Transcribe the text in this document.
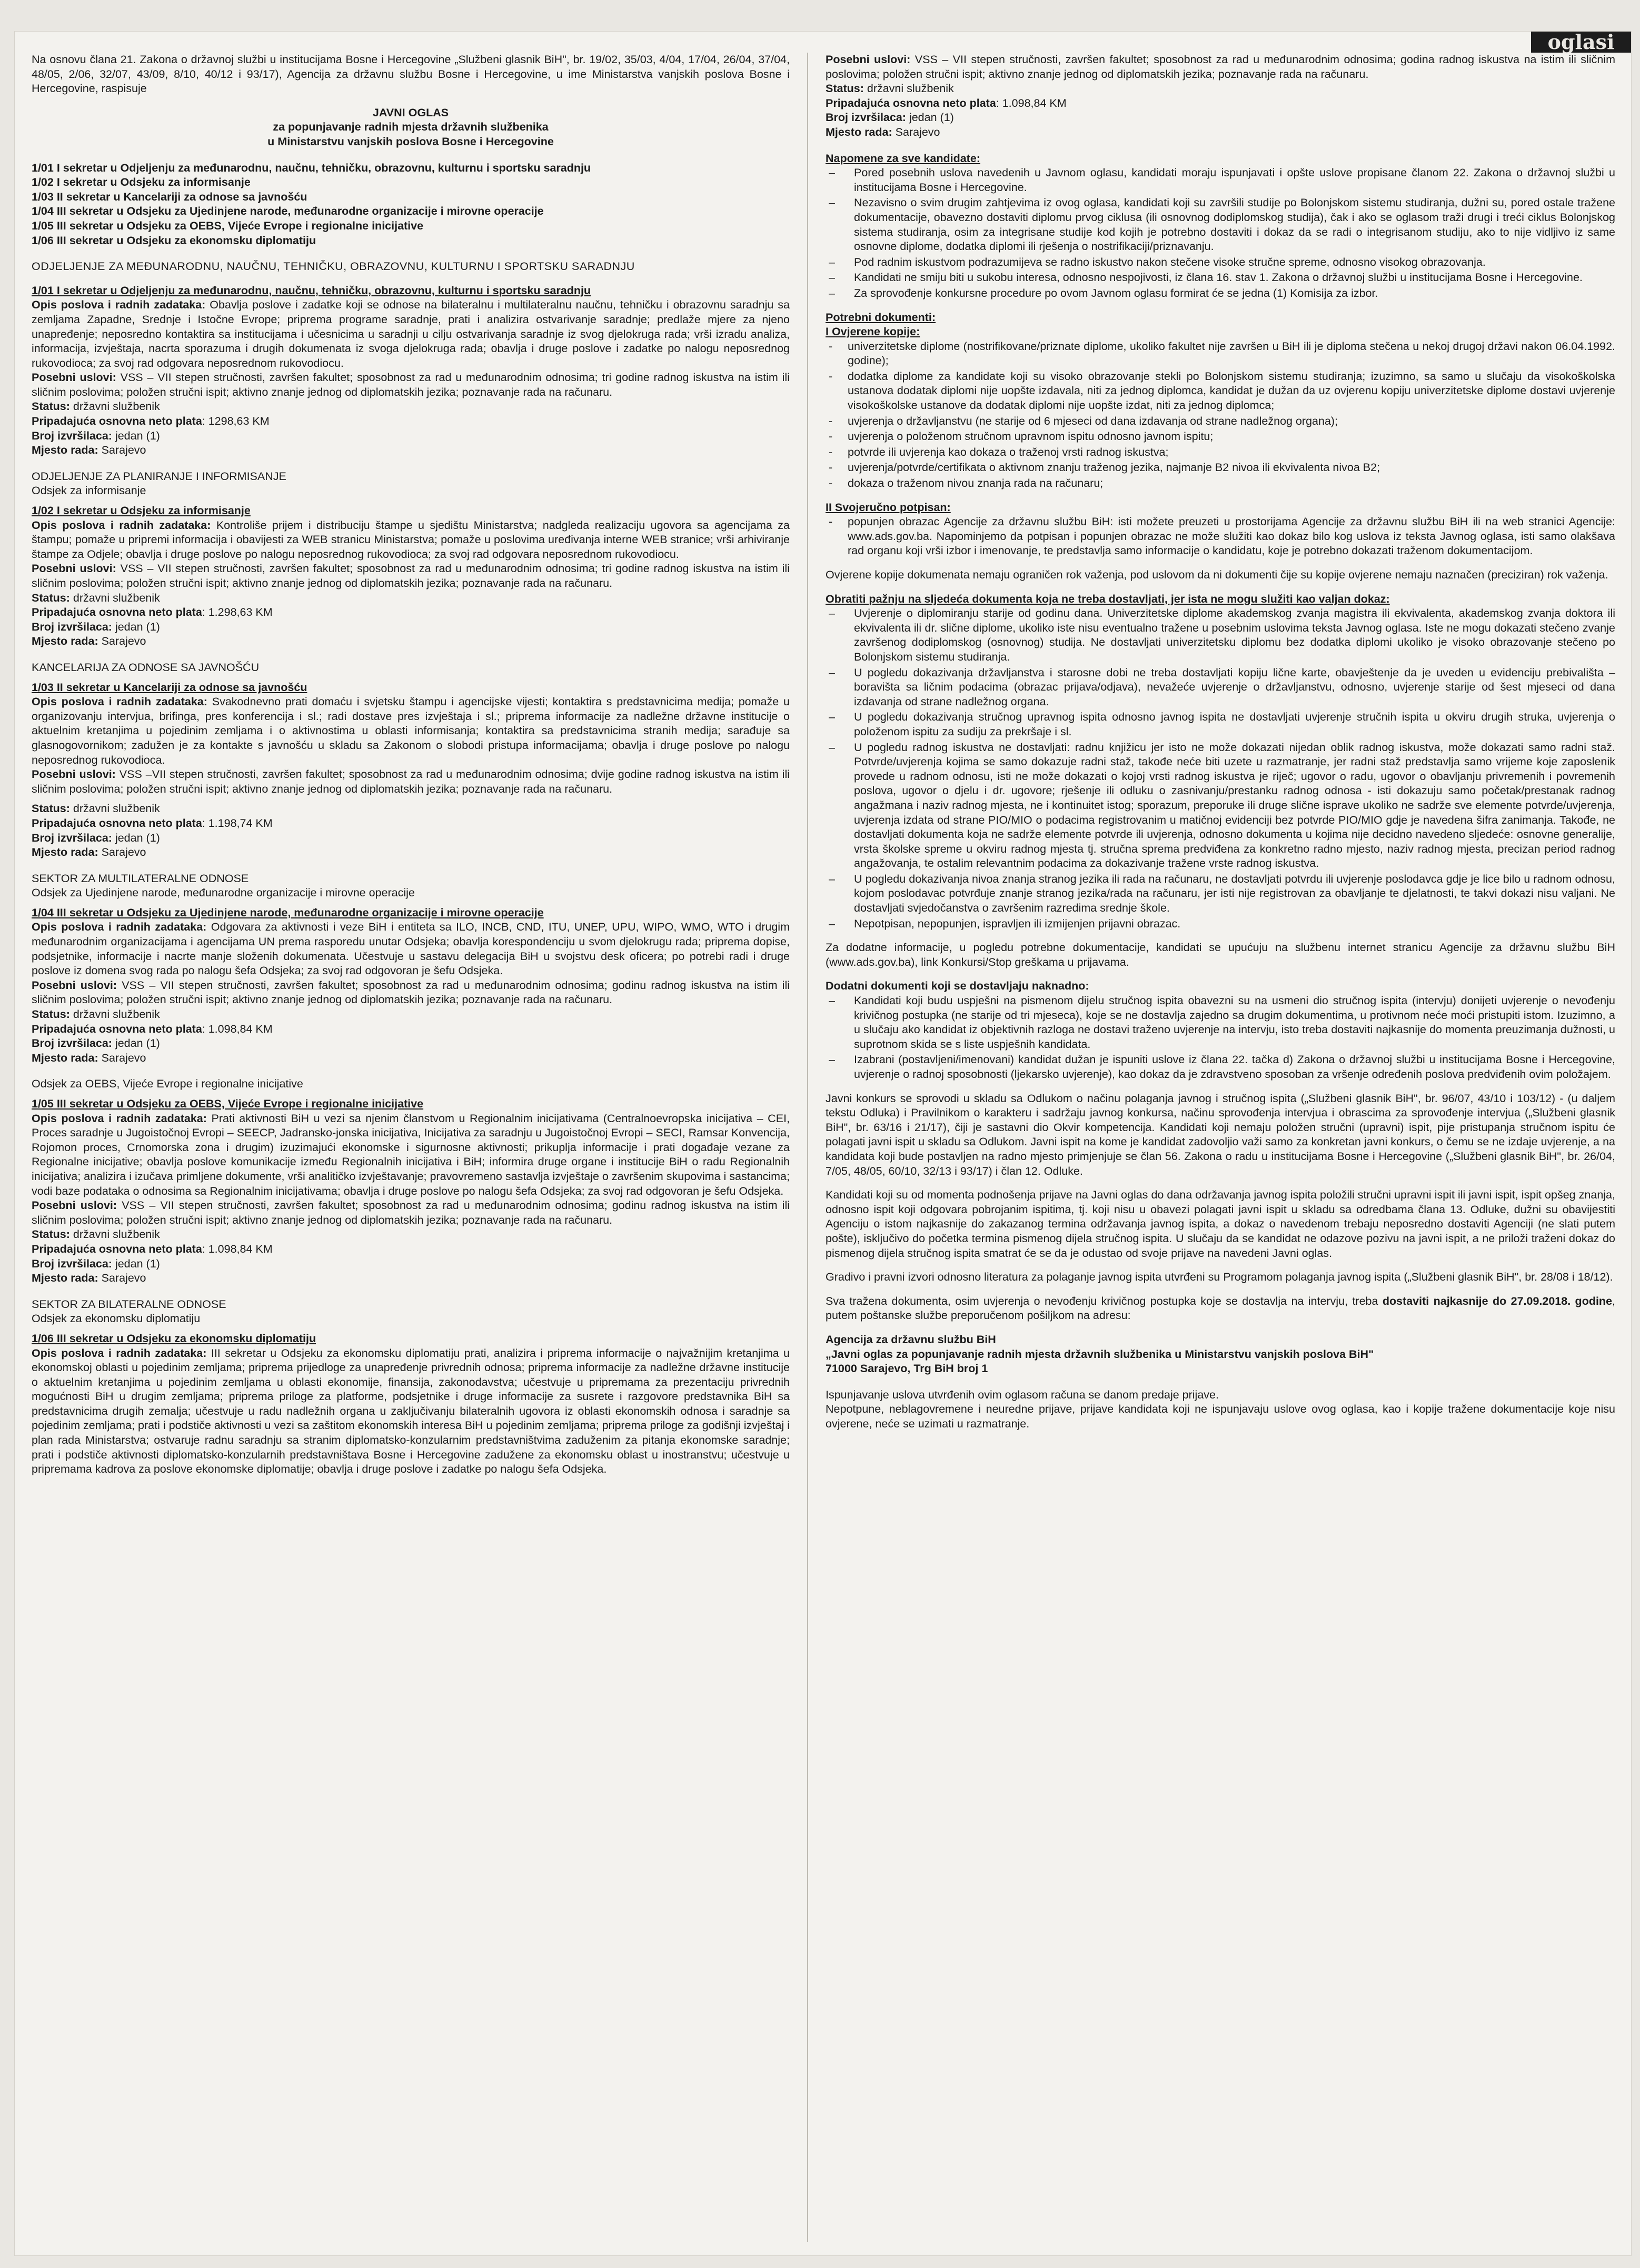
oglasi

Na osnovu člana 21. Zakona o državnoj službi u institucijama Bosne i Hercegovine „Službeni glasnik BiH", br. 19/02, 35/03, 4/04, 17/04, 26/04, 37/04, 48/05, 2/06, 32/07, 43/09, 8/10, 40/12 i 93/17), Agencija za državnu službu Bosne i Hercegovine, u ime Ministarstva vanjskih poslova Bosne i Hercegovine, raspisuje

JAVNI OGLAS

za popunjavanje radnih mjesta državnih službenika

u Ministarstvu vanjskih poslova Bosne i Hercegovine

1/01 I sekretar u Odjeljenju za međunarodnu, naučnu, tehničku, obrazovnu, kulturnu i sportsku saradnju

1/02 I sekretar u Odsjeku za informisanje

1/03 II sekretar u Kancelariji za odnose sa javnošću

1/04 III sekretar u Odsjeku za Ujedinjene narode, međunarodne organizacije i mirovne operacije

1/05 III sekretar u Odsjeku za OEBS, Vijeće Evrope i regionalne inicijative

1/06 III sekretar u Odsjeku za ekonomsku diplomatiju

ODJELJENJE ZA MEĐUNARODNU, NAUČNU, TEHNIČKU, OBRAZOVNU, KULTURNU I SPORTSKU SARADNJU

1/01 I sekretar u Odjeljenju za međunarodnu, naučnu, tehničku, obrazovnu, kulturnu i sportsku saradnju

Opis poslova i radnih zadataka: Obavlja poslove i zadatke koji se odnose na bilateralnu i multilateralnu naučnu, tehničku i obrazovnu saradnju sa zemljama Zapadne, Srednje i Istočne Evrope; priprema programe saradnje, prati i analizira ostvarivanje saradnje; predlaže mjere za njeno unapređenje; neposredno kontaktira sa institucijama i učesnicima u saradnji u cilju ostvarivanja saradnje iz svog djelokruga rada; vrši izradu analiza, informacija, izvještaja, nacrta sporazuma i drugih dokumenata iz svoga djelokruga rada; obavlja i druge poslove i zadatke po nalogu neposrednog rukovodioca; za svoj rad odgovara neposrednom rukovodiocu.

Posebni uslovi: VSS – VII stepen stručnosti, završen fakultet; sposobnost za rad u međunarodnim odnosima; tri godine radnog iskustva na istim ili sličnim poslovima; položen stručni ispit; aktivno znanje jednog od diplomatskih jezika; poznavanje rada na računaru.

Status: državni službenik

Pripadajuća osnovna neto plata: 1298,63 KM

Broj izvršilaca: jedan (1)

Mjesto rada: Sarajevo

ODJELJENJE ZA PLANIRANJE I INFORMISANJE

Odsjek za informisanje

1/02 I sekretar u Odsjeku za informisanje

Opis poslova i radnih zadataka: Kontroliše prijem i distribuciju štampe u sjedištu Ministarstva; nadgleda realizaciju ugovora sa agencijama za štampu; pomaže u pripremi informacija i obavijesti za WEB stranicu Ministarstva; pomaže u poslovima uređivanja interne WEB stranice; vrši arhiviranje štampe za Odjele; obavlja i druge poslove po nalogu neposrednog rukovodioca; za svoj rad odgovara neposrednom rukovodiocu.

Posebni uslovi: VSS – VII stepen stručnosti, završen fakultet; sposobnost za rad u međunarodnim odnosima; tri godine radnog iskustva na istim ili sličnim poslovima; položen stručni ispit; aktivno znanje jednog od diplomatskih jezika; poznavanje rada na računaru.

Status: državni službenik

Pripadajuća osnovna neto plata: 1.298,63 KM

Broj izvršilaca: jedan (1)

Mjesto rada: Sarajevo

KANCELARIJA ZA ODNOSE SA JAVNOŠĆU

1/03 II sekretar u Kancelariji za odnose sa javnošću

Opis poslova i radnih zadataka: Svakodnevno prati domaću i svjetsku štampu i agencijske vijesti; kontaktira s predstavnicima medija; pomaže u organizovanju intervjua, brifinga, pres konferencija i sl.; radi dostave pres izvještaja i sl.; priprema informacije za nadležne državne institucije o aktuelnim kretanjima u pojedinim zemljama i o aktivnostima u oblasti informisanja; kontaktira sa predstavnicima stranih medija; sarađuje sa glasnogovornikom; zadužen je za kontakte s javnošću u skladu sa Zakonom o slobodi pristupa informacijama; obavlja i druge poslove po nalogu neposrednog rukovodioca.

Posebni uslovi: VSS –VII stepen stručnosti, završen fakultet; sposobnost za rad u međunarodnim odnosima; dvije godine radnog iskustva na istim ili sličnim poslovima; položen stručni ispit; aktivno znanje jednog od diplomatskih jezika; poznavanje rada na računaru.

Status: državni službenik

Pripadajuća osnovna neto plata: 1.198,74 KM

Broj izvršilaca: jedan (1)

Mjesto rada: Sarajevo

SEKTOR ZA MULTILATERALNE ODNOSE

Odsjek za Ujedinjene narode, međunarodne organizacije i mirovne operacije

1/04 III sekretar u Odsjeku za Ujedinjene narode, međunarodne organizacije i mirovne operacije

Opis poslova i radnih zadataka: Odgovara za aktivnosti i veze BiH i entiteta sa ILO, INCB, CND, ITU, UNEP, UPU, WIPO, WMO, WTO i drugim međunarodnim organizacijama i agencijama UN prema rasporedu unutar Odsjeka; obavlja korespondenciju u svom djelokrugu rada; priprema dopise, podsjetnike, informacije i nacrte manje složenih dokumenata. Učestvuje u sastavu delegacija BiH u svojstvu desk oficera; po potrebi radi i druge poslove iz domena svog rada po nalogu šefa Odsjeka; za svoj rad odgovoran je šefu Odsjeka.

Posebni uslovi: VSS – VII stepen stručnosti, završen fakultet; sposobnost za rad u međunarodnim odnosima; godinu radnog iskustva na istim ili sličnim poslovima; položen stručni ispit; aktivno znanje jednog od diplomatskih jezika; poznavanje rada na računaru.

Status: državni službenik

Pripadajuća osnovna neto plata: 1.098,84 KM

Broj izvršilaca: jedan (1)

Mjesto rada: Sarajevo

Odsjek za OEBS, Vijeće Evrope i regionalne inicijative

1/05 III sekretar u Odsjeku za OEBS, Vijeće Evrope i regionalne inicijative

Opis poslova i radnih zadataka: Prati aktivnosti BiH u vezi sa njenim članstvom u Regionalnim inicijativama (Centralnoevropska inicijativa – CEI, Proces saradnje u Jugoistočnoj Evropi – SEECP, Jadransko-jonska inicijativa, Inicijativa za saradnju u Jugoistočnoj Evropi – SECI, Ramsar Konvencija, Rojomon proces, Crnomorska zona i drugim) izuzimajući ekonomske i sigurnosne aktivnosti; prikuplja informacije i prati događaje vezane za Regionalne inicijative; obavlja poslove komunikacije između Regionalnih inicijativa i BiH; informira druge organe i institucije BiH o radu Regionalnih inicijativa; analizira i izučava primljene dokumente, vrši analitičko izvještavanje; pravovremeno sastavlja izvještaje o završenim skupovima i sastancima; vodi baze podataka o odnosima sa Regionalnim inicijativama; obavlja i druge poslove po nalogu šefa Odsjeka; za svoj rad odgovoran je šefu Odsjeka.

Posebni uslovi: VSS – VII stepen stručnosti, završen fakultet; sposobnost za rad u međunarodnim odnosima; godinu radnog iskustva na istim ili sličnim poslovima; položen stručni ispit; aktivno znanje jednog od diplomatskih jezika; poznavanje rada na računaru.

Status: državni službenik

Pripadajuća osnovna neto plata: 1.098,84 KM

Broj izvršilaca: jedan (1)

Mjesto rada: Sarajevo

SEKTOR ZA BILATERALNE ODNOSE

Odsjek za ekonomsku diplomatiju

1/06 III sekretar u Odsjeku za ekonomsku diplomatiju

Opis poslova i radnih zadataka: III sekretar u Odsjeku za ekonomsku diplomatiju prati, analizira i priprema informacije o najvažnijim kretanjima u ekonomskoj oblasti u pojedinim zemljama; priprema prijedloge za unapređenje privrednih odnosa; priprema informacije za nadležne državne institucije o aktuelnim kretanjima u pojedinim zemljama u oblasti ekonomije, finansija, zakonodavstva; učestvuje u pripremama za prezentaciju privrednih mogućnosti BiH u drugim zemljama; priprema priloge za platforme, podsjetnike i druge informacije za susrete i razgovore predstavnika BiH sa predstavnicima drugih zemalja; učestvuje u radu nadležnih organa u zaključivanju bilateralnih ugovora iz oblasti ekonomskih odnosa i saradnje sa pojedinim zemljama; prati i podstiče aktivnosti u vezi sa zaštitom ekonomskih interesa BiH u pojedinim zemljama; priprema priloge za godišnji izvještaj i plan rada Ministarstva; ostvaruje radnu saradnju sa stranim diplomatsko-konzularnim predstavništvima zaduženim za pitanja ekonomske saradnje; prati i podstiče aktivnosti diplomatsko-konzularnih predstavništava Bosne i Hercegovine zadužene za ekonomsku oblast u inostranstvu; učestvuje u pripremama kadrova za poslove ekonomske diplomatije; obavlja i druge poslove i zadatke po nalogu šefa Odsjeka.

Posebni uslovi: VSS – VII stepen stručnosti, završen fakultet; sposobnost za rad u međunarodnim odnosima; godina radnog iskustva na istim ili sličnim poslovima; položen stručni ispit; aktivno znanje jednog od diplomatskih jezika; poznavanje rada na računaru.

Status: državni službenik

Pripadajuća osnovna neto plata: 1.098,84 KM

Broj izvršilaca: jedan (1)

Mjesto rada: Sarajevo

Napomene za sve kandidate:

– Pored posebnih uslova navedenih u Javnom oglasu, kandidati moraju ispunjavati i opšte uslove propisane članom 22. Zakona o državnoj službi u institucijama Bosne i Hercegovine.
– Nezavisno o svim drugim zahtjevima iz ovog oglasa, kandidati koji su završili studije po Bolonjskom sistemu studiranja, dužni su, pored ostale tražene dokumentacije, obavezno dostaviti diplomu prvog ciklusa (ili osnovnog dodiplomskog studija), čak i ako se oglasom traži drugi i treći ciklus Bolonjskog sistema studiranja, osim za integrisane studije kod kojih je potrebno dostaviti i dokaz da se radi o integrisanom studiju, ako to nije vidljivo iz same osnovne diplome, dodatka diplomi ili rješenja o nostrifikaciji/priznavanju.
– Pod radnim iskustvom podrazumijeva se radno iskustvo nakon stečene visoke stručne spreme, odnosno visokog obrazovanja.
– Kandidati ne smiju biti u sukobu interesa, odnosno nespojivosti, iz člana 16. stav 1. Zakona o državnoj službi u institucijama Bosne i Hercegovine.
– Za sprovođenje konkursne procedure po ovom Javnom oglasu formirat će se jedna (1) Komisija za izbor.

Potrebni dokumenti:

I Ovjerene kopije:

- univerzitetske diplome (nostrifikovane/priznate diplome, ukoliko fakultet nije završen u BiH ili je diploma stečena u nekoj drugoj državi nakon 06.04.1992. godine);
- dodatka diplome za kandidate koji su visoko obrazovanje stekli po Bolonjskom sistemu studiranja; izuzimno, sa samo u slučaju da visokoškolska ustanova dodatak diplomi nije uopšte izdavala, niti za jednog diplomca, kandidat je dužan da uz ovjerenu kopiju univerzitetske diplome dostavi uvjerenje visokoškolske ustanove da dodatak diplomi nije uopšte izdat, niti za jednog diplomca;
- uvjerenja o državljanstvu (ne starije od 6 mjeseci od dana izdavanja od strane nadležnog organa);
- uvjerenja o položenom stručnom upravnom ispitu odnosno javnom ispitu;
- potvrde ili uvjerenja kao dokaza o traženoj vrsti radnog iskustva;
- uvjerenja/potvrde/certifikata o aktivnom znanju traženog jezika, najmanje B2 nivoa ili ekvivalenta nivoa B2;
- dokaza o traženom nivou znanja rada na računaru;

II Svojeručno potpisan:

- popunjen obrazac Agencije za državnu službu BiH: isti možete preuzeti u prostorijama Agencije za državnu službu BiH ili na web stranici Agencije: www.ads.gov.ba. Napominjemo da potpisan i popunjen obrazac ne može služiti kao dokaz bilo kog uslova iz teksta Javnog oglasa, isti samo olakšava rad organu koji vrši izbor i imenovanje, te predstavlja samo informacije o kandidatu, koje je potrebno dokazati traženom dokumentacijom.

Ovjerene kopije dokumenata nemaju ograničen rok važenja, pod uslovom da ni dokumenti čije su kopije ovjerene nemaju naznačen (preciziran) rok važenja.

Obratiti pažnju na sljedeća dokumenta koja ne treba dostavljati, jer ista ne mogu služiti kao valjan dokaz:

– Uvjerenje o diplomiranju starije od godinu dana. Univerzitetske diplome akademskog zvanja magistra ili ekvivalenta, akademskog zvanja doktora ili ekvivalenta ili dr. slične diplome, ukoliko iste nisu eventualno tražene u posebnim uslovima teksta Javnog oglasa. Iste ne mogu dokazati stečeno zvanje završenog dodiplomskog (osnovnog) studija. Ne dostavljati univerzitetsku diplomu bez dodatka diplomi ukoliko je visoko obrazovanje stečeno po Bolonjskom sistemu studiranja.
– U pogledu dokazivanja državljanstva i starosne dobi ne treba dostavljati kopiju lične karte, obavještenje da je uveden u evidenciju prebivališta – boravišta sa ličnim podacima (obrazac prijava/odjava), nevažeće uvjerenje o državljanstvu, odnosno, uvjerenje starije od šest mjeseci od dana izdavanja od strane nadležnog organa.
– U pogledu dokazivanja stručnog upravnog ispita odnosno javnog ispita ne dostavljati uvjerenje stručnih ispita u okviru drugih struka, uvjerenja o položenom ispitu za sudiju za prekršaje i sl.
– U pogledu radnog iskustva ne dostavljati: radnu knjižicu jer isto ne može dokazati nijedan oblik radnog iskustva, može dokazati samo radni staž. Potvrde/uvjerenja kojima se samo dokazuje radni staž, takođe neće biti uzete u razmatranje, jer radni staž predstavlja samo vrijeme koje zaposlenik provede u radnom odnosu, isti ne može dokazati o kojoj vrsti radnog iskustva je riječ; ugovor o radu, ugovor o obavljanju privremenih i povremenih poslova, ugovor o djelu i dr. ugovore; rješenje ili odluku o zasnivanju/prestanku radnog odnosa - isti dokazuju samo početak/prestanak radnog angažmana i naziv radnog mjesta, ne i kontinuitet istog; sporazum, preporuke ili druge slične isprave ukoliko ne sadrže sve elemente potvrde/uvjerenja, uvjerenja izdata od strane PIO/MIO o podacima registrovanim u matičnoj evidenciji bez potvrde PIO/MIO gdje je navedena šifra zanimanja. Takođe, ne dostavljati dokumenta koja ne sadrže elemente potvrde ili uvjerenja, odnosno dokumenta u kojima nije decidno navedeno sljedeće: osnovne generalije, vrsta školske spreme u okviru radnog mjesta tj. stručna sprema predviđena za konkretno radno mjesto, naziv radnog mjesta, precizan period radnog angažovanja, te ostalim relevantnim podacima za dokazivanje tražene vrste radnog iskustva.
– U pogledu dokazivanja nivoa znanja stranog jezika ili rada na računaru, ne dostavljati potvrdu ili uvjerenje poslodavca gdje je lice bilo u radnom odnosu, kojom poslodavac potvrđuje znanje stranog jezika/rada na računaru, jer isti nije registrovan za obavljanje te djelatnosti, te takvi dokazi nisu valjani. Ne dostavljati svjedočanstva o završenim razredima srednje škole.
– Nepotpisan, nepopunjen, ispravljen ili izmijenjen prijavni obrazac.

Za dodatne informacije, u pogledu potrebne dokumentacije, kandidati se upućuju na službenu internet stranicu Agencije za državnu službu BiH (www.ads.gov.ba), link Konkursi/Stop greškama u prijavama.

Dodatni dokumenti koji se dostavljaju naknadno:

– Kandidati koji budu uspješni na pismenom dijelu stručnog ispita obavezni su na usmeni dio stručnog ispita (intervju) donijeti uvjerenje o nevođenju krivičnog postupka (ne starije od tri mjeseca), koje se ne dostavlja zajedno sa drugim dokumentima, u protivnom neće moći pristupiti istom. Izuzimno, a u slučaju ako kandidat iz objektivnih razloga ne dostavi traženo uvjerenje na intervju, isto treba dostaviti najkasnije do momenta preuzimanja dužnosti, u suprotnom skida se s liste uspješnih kandidata.
– Izabrani (postavljeni/imenovani) kandidat dužan je ispuniti uslove iz člana 22. tačka d) Zakona o državnoj službi u institucijama Bosne i Hercegovine, uvjerenje o radnoj sposobnosti (ljekarsko uvjerenje), kao dokaz da je zdravstveno sposoban za vršenje određenih poslova predviđenih ovim položajem.

Javni konkurs se sprovodi u skladu sa Odlukom o načinu polaganja javnog i stručnog ispita („Službeni glasnik BiH", br. 96/07, 43/10 i 103/12) - (u daljem tekstu Odluka) i Pravilnikom o karakteru i sadržaju javnog konkursa, načinu sprovođenja intervjua i obrascima za sprovođenje intervjua („Službeni glasnik BiH", br. 63/16 i 21/17), čiji je sastavni dio Okvir kompetencija. Kandidati koji nemaju položen stručni (upravni) ispit, pije pristupanja stručnom ispitu će polagati javni ispit u skladu sa Odlukom. Javni ispit na kome je kandidat zadovoljio važi samo za konkretan javni konkurs, o čemu se ne izdaje uvjerenje, a na kandidata koji bude postavljen na radno mjesto primjenjuje se član 56. Zakona o radu u institucijama Bosne i Hercegovine („Službeni glasnik BiH", br. 26/04, 7/05, 48/05, 60/10, 32/13 i 93/17) i član 12. Odluke.

Kandidati koji su od momenta podnošenja prijave na Javni oglas do dana održavanja javnog ispita položili stručni upravni ispit ili javni ispit, ispit opšeg znanja, odnosno ispit koji odgovara pobrojanim ispitima, tj. koji nisu u obavezi polagati javni ispit u skladu sa odredbama člana 13. Odluke, dužni su obavijestiti Agenciju o istom najkasnije do zakazanog termina održavanja javnog ispita, a dokaz o navedenom trebaju neposredno dostaviti Agenciji (ne slati putem pošte), isključivo do početka termina pismenog dijela stručnog ispita. U slučaju da se kandidat ne odazove pozivu na javni ispit, a ne priloži traženi dokaz do pismenog dijela stručnog ispita smatrat će se da je odustao od svoje prijave na navedeni Javni oglas.

Gradivo i pravni izvori odnosno literatura za polaganje javnog ispita utvrđeni su Programom polaganja javnog ispita („Službeni glasnik BiH", br. 28/08 i 18/12).

Sva tražena dokumenta, osim uvjerenja o nevođenju krivičnog postupka koje se dostavlja na intervju, treba dostaviti najkasnije do 27.09.2018. godine, putem poštanske službe preporučenom pošiljkom na adresu:

Agencija za državnu službu BiH

„Javni oglas za popunjavanje radnih mjesta državnih službenika u Ministarstvu vanjskih poslova BiH"

71000 Sarajevo, Trg BiH broj 1

Ispunjavanje uslova utvrđenih ovim oglasom računa se danom predaje prijave.

Nepotpune, neblagovremene i neuredne prijave, prijave kandidata koji ne ispunjavaju uslove ovog oglasa, kao i kopije tražene dokumentacije koje nisu ovjerene, neće se uzimati u razmatranje.
